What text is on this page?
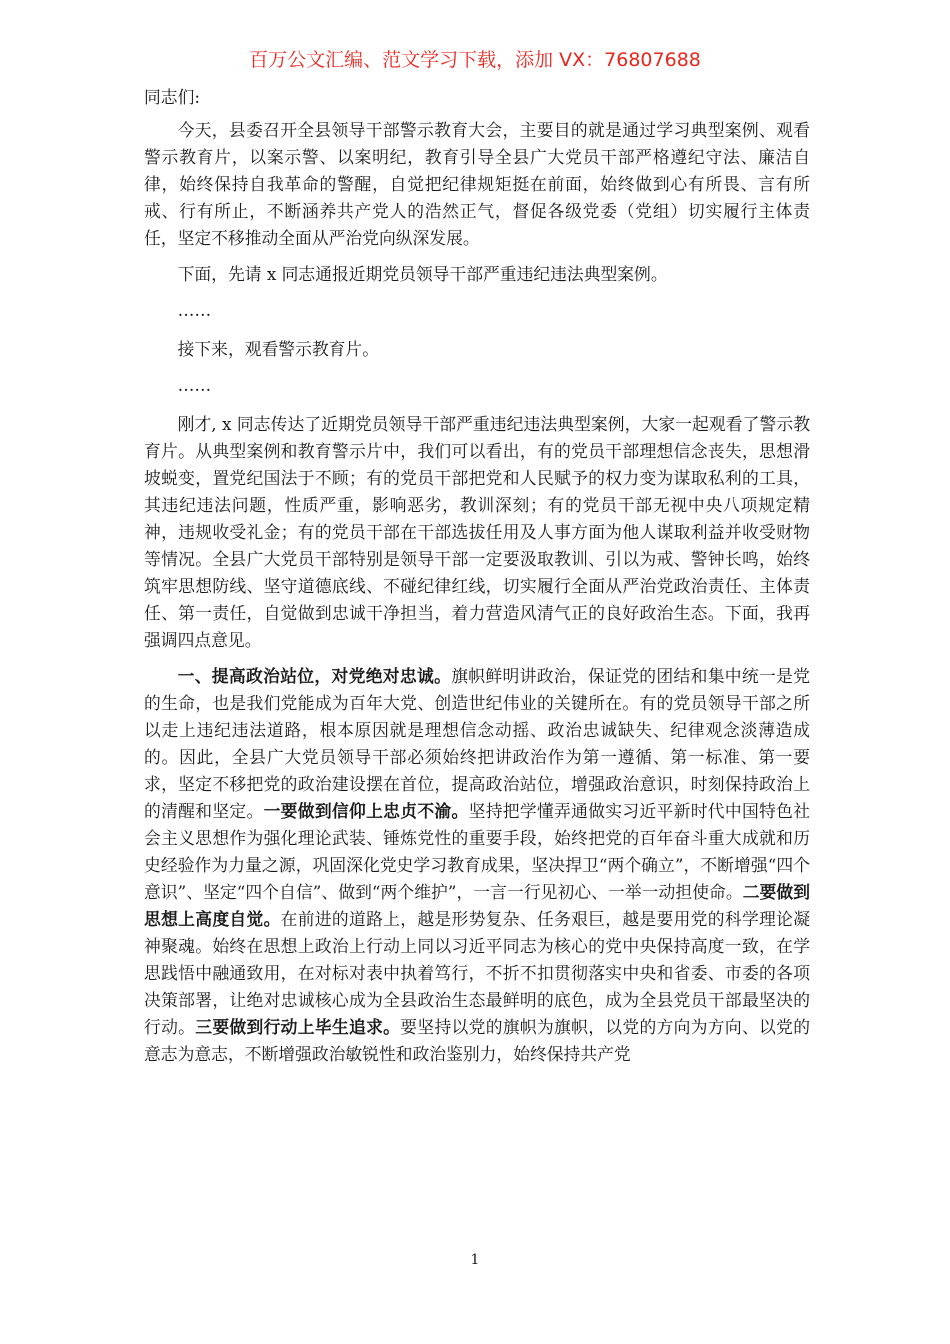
百万公文汇编、范文学习下载，添加 VX：76807688

同志们:

今天，县委召开全县领导干部警示教育大会，主要目的就是通过学习典型案例、观看警示教育片，以案示警、以案明纪，教育引导全县广大党员干部严格遵纪守法、廉洁自律，始终保持自我革命的警醒，自觉把纪律规矩挺在前面，始终做到心有所畏、言有所戒、行有所止，不断涵养共产党人的浩然正气，督促各级党委（党组）切实履行主体责任，坚定不移推动全面从严治党向纵深发展。

下面，先请 x 同志通报近期党员领导干部严重违纪违法典型案例。

……

接下来，观看警示教育片。

……

刚才, x 同志传达了近期党员领导干部严重违纪违法典型案例，大家一起观看了警示教育片。从典型案例和教育警示片中，我们可以看出，有的党员干部理想信念丧失，思想滑坡蜕变，置党纪国法于不顾；有的党员干部把党和人民赋予的权力变为谋取私利的工具，其违纪违法问题，性质严重，影响恶劣，教训深刻；有的党员干部无视中央八项规定精神，违规收受礼金；有的党员干部在干部选拔任用及人事方面为他人谋取利益并收受财物等情况。全县广大党员干部特别是领导干部一定要汲取教训、引以为戒、警钟长鸣，始终筑牢思想防线、坚守道德底线、不碰纪律红线，切实履行全面从严治党政治责任、主体责任、第一责任，自觉做到忠诚干净担当，着力营造风清气正的良好政治生态。下面，我再强调四点意见。

一、提高政治站位，对党绝对忠诚。旗帜鲜明讲政治，保证党的团结和集中统一是党的生命，也是我们党能成为百年大党、创造世纪伟业的关键所在。有的党员领导干部之所以走上违纪违法道路，根本原因就是理想信念动摇、政治忠诚缺失、纪律观念淡薄造成的。因此，全县广大党员领导干部必须始终把讲政治作为第一遵循、第一标准、第一要求，坚定不移把党的政治建设摆在首位，提高政治站位，增强政治意识，时刻保持政治上的清醒和坚定。一要做到信仰上忠贞不渝。坚持把学懂弄通做实习近平新时代中国特色社会主义思想作为强化理论武装、锤炼党性的重要手段，始终把党的百年奋斗重大成就和历史经验作为力量之源，巩固深化党史学习教育成果，坚决捍卫“两个确立”，不断增强“四个意识”、坚定“四个自信”、做到“两个维护”，一言一行见初心、一举一动担使命。二要做到思想上高度自觉。在前进的道路上，越是形势复杂、任务艰巨，越是要用党的科学理论凝神聚魂。始终在思想上政治上行动上同以习近平同志为核心的党中央保持高度一致，在学思践悟中融通致用，在对标对表中执着笃行，不折不扣贯彻落实中央和省委、市委的各项决策部署，让绝对忠诚核心成为全县政治生态最鲜明的底色，成为全县党员干部最坚决的行动。三要做到行动上毕生追求。要坚持以党的旗帜为旗帜，以党的方向为方向、以党的意志为意志，不断增强政治敏锐性和政治鉴别力，始终保持共产党

1
